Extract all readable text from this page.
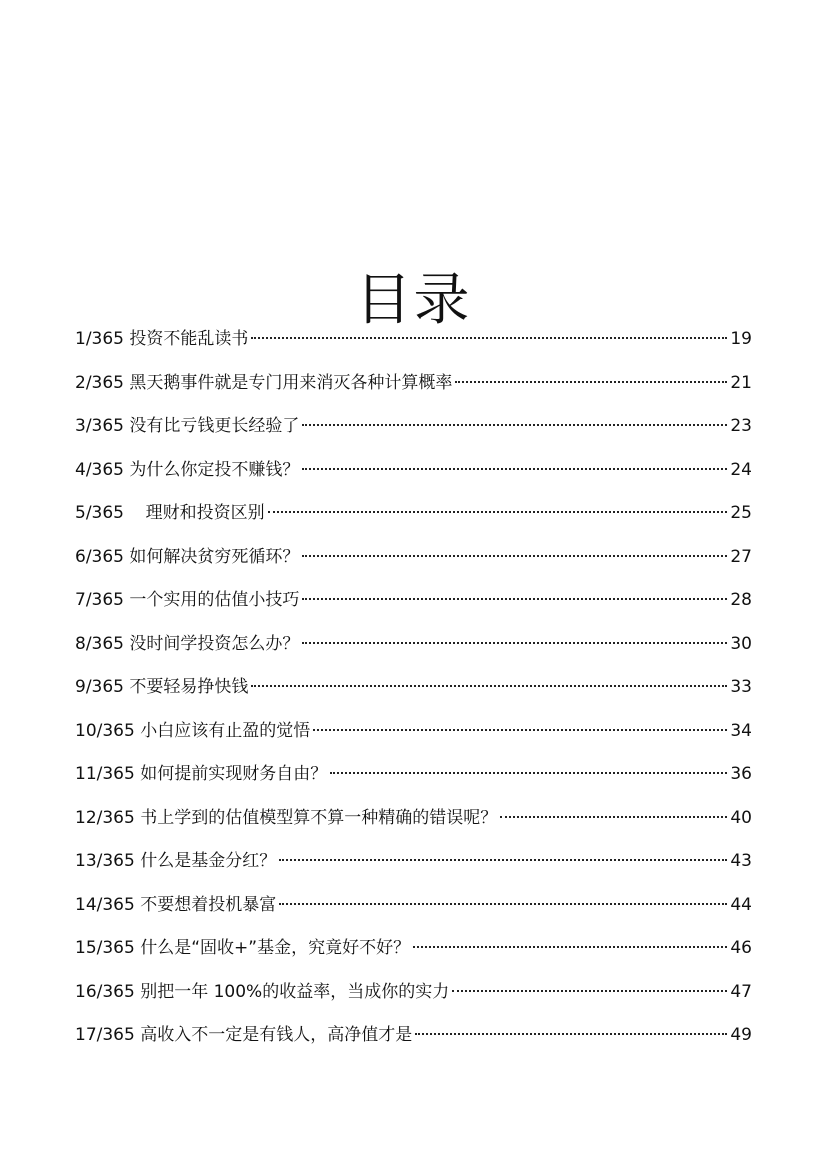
目录
1/365 投资不能乱读书	19
2/365 黑天鹅事件就是专门用来消灭各种计算概率	21
3/365 没有比亏钱更长经验了	23
4/365 为什么你定投不赚钱？	24
5/365    理财和投资区别	25
6/365 如何解决贫穷死循环？	27
7/365 一个实用的估值小技巧	28
8/365 没时间学投资怎么办？	30
9/365 不要轻易挣快钱	33
10/365 小白应该有止盈的觉悟	34
11/365 如何提前实现财务自由？	36
12/365 书上学到的估值模型算不算一种精确的错误呢？	40
13/365 什么是基金分红？	43
14/365 不要想着投机暴富	44
15/365 什么是“固收+”基金，究竟好不好？	46
16/365 别把一年 100%的收益率，当成你的实力	47
17/365 高收入不一定是有钱人，高净值才是	49
